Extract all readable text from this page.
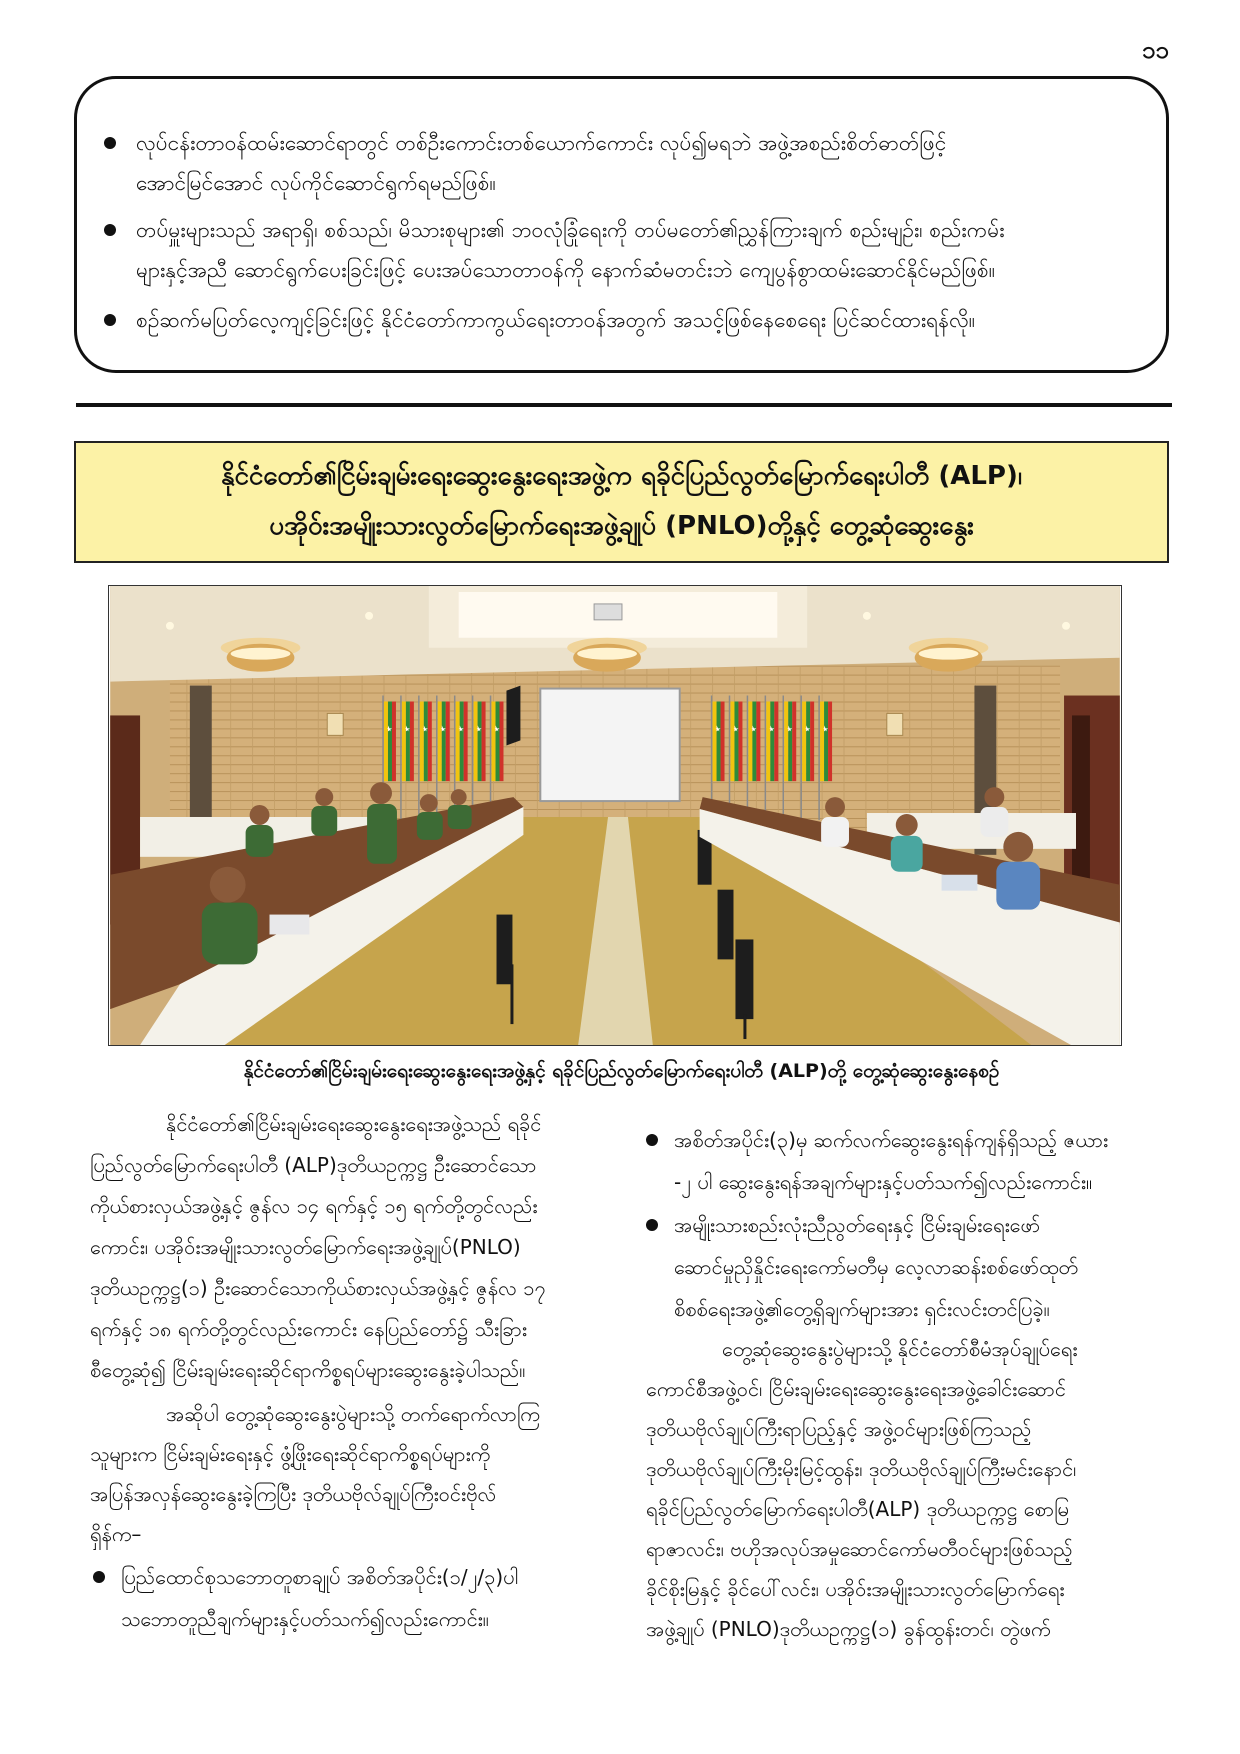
၁၁
လုပ်ငန်းတာဝန်ထမ်းဆောင်ရာတွင် တစ်ဦးကောင်းတစ်ယောက်ကောင်း လုပ်၍မရဘဲ အဖွဲ့အစည်းစိတ်ဓာတ်ဖြင့်
အောင်မြင်အောင် လုပ်ကိုင်ဆောင်ရွက်ရမည်ဖြစ်။
တပ်မှူးများသည် အရာရှိ၊ စစ်သည်၊ မိသားစုများ၏ ဘဝလုံခြုံရေးကို တပ်မတော်၏ညွှန်ကြားချက် စည်းမျဉ်း၊ စည်းကမ်း
များနှင့်အညီ ဆောင်ရွက်ပေးခြင်းဖြင့် ပေးအပ်သောတာဝန်ကို နောက်ဆံမတင်းဘဲ ကျေပွန်စွာထမ်းဆောင်နိုင်မည်ဖြစ်။
စဉ်ဆက်မပြတ်လေ့ကျင့်ခြင်းဖြင့် နိုင်ငံတော်ကာကွယ်ရေးတာဝန်အတွက် အသင့်ဖြစ်နေစေရေး ပြင်ဆင်ထားရန်လို။
နိုင်ငံတော်၏ငြိမ်းချမ်းရေးဆွေးနွေးရေးအဖွဲ့က ရခိုင်ပြည်လွတ်မြောက်ရေးပါတီ (ALP)၊
ပအိုဝ်းအမျိုးသားလွတ်မြောက်ရေးအဖွဲ့ချုပ် (PNLO)တို့နှင့် တွေ့ဆုံဆွေးနွေး
နိုင်ငံတော်၏ငြိမ်းချမ်းရေးဆွေးနွေးရေးအဖွဲ့နှင့် ရခိုင်ပြည်လွတ်မြောက်ရေးပါတီ (ALP)တို့ တွေ့ဆုံဆွေးနွေးနေစဉ်
နိုင်ငံတော်၏ငြိမ်းချမ်းရေးဆွေးနွေးရေးအဖွဲ့သည် ရခိုင်
ပြည်လွတ်မြောက်ရေးပါတီ (ALP)ဒုတိယဥက္ကဋ္ဌ ဦးဆောင်သော
ကိုယ်စားလှယ်အဖွဲ့နှင့် ဇွန်လ ၁၄ ရက်နှင့် ၁၅ ရက်တို့တွင်လည်း
ကောင်း၊ ပအိုဝ်းအမျိုးသားလွတ်မြောက်ရေးအဖွဲ့ချုပ်(PNLO)
ဒုတိယဥက္ကဋ္ဌ(၁) ဦးဆောင်သောကိုယ်စားလှယ်အဖွဲ့နှင့် ဇွန်လ ၁၇
ရက်နှင့် ၁၈ ရက်တို့တွင်လည်းကောင်း နေပြည်တော်၌ သီးခြား
စီတွေ့ဆုံ၍ ငြိမ်းချမ်းရေးဆိုင်ရာကိစ္စရပ်များဆွေးနွေးခဲ့ပါသည်။
အဆိုပါ တွေ့ဆုံဆွေးနွေးပွဲများသို့ တက်ရောက်လာကြ
သူများက ငြိမ်းချမ်းရေးနှင့် ဖွံ့ဖြိုးရေးဆိုင်ရာကိစ္စရပ်များကို
အပြန်အလှန်ဆွေးနွေးခဲ့ကြပြီး ဒုတိယဗိုလ်ချုပ်ကြီးဝင်းဗိုလ်
ရှိန်က–
ပြည်ထောင်စုသဘောတူစာချုပ် အစိတ်အပိုင်း(၁/၂/၃)ပါ
သဘောတူညီချက်များနှင့်ပတ်သက်၍လည်းကောင်း။
အစိတ်အပိုင်း(၃)မှ ဆက်လက်ဆွေးနွေးရန်ကျန်ရှိသည့် ဇယား
-၂ ပါ ဆွေးနွေးရန်အချက်များနှင့်ပတ်သက်၍လည်းကောင်း။
အမျိုးသားစည်းလုံးညီညွတ်ရေးနှင့် ငြိမ်းချမ်းရေးဖော်
ဆောင်မှုညှိနှိုင်းရေးကော်မတီမှ လေ့လာဆန်းစစ်ဖော်ထုတ်
စိစစ်ရေးအဖွဲ့၏တွေ့ရှိချက်များအား ရှင်းလင်းတင်ပြခဲ့။
တွေ့ဆုံဆွေးနွေးပွဲများသို့ နိုင်ငံတော်စီမံအုပ်ချုပ်ရေး
ကောင်စီအဖွဲ့ဝင်၊ ငြိမ်းချမ်းရေးဆွေးနွေးရေးအဖွဲ့ခေါင်းဆောင်
ဒုတိယဗိုလ်ချုပ်ကြီးရာပြည့်နှင့် အဖွဲ့ဝင်များဖြစ်ကြသည့်
ဒုတိယဗိုလ်ချုပ်ကြီးမိုးမြင့်ထွန်း၊ ဒုတိယဗိုလ်ချုပ်ကြီးမင်းနောင်၊
ရခိုင်ပြည်လွတ်မြောက်ရေးပါတီ(ALP) ဒုတိယဥက္ကဋ္ဌ စောမြ
ရာဇာလင်း၊ ဗဟိုအလုပ်အမှုဆောင်ကော်မတီဝင်များဖြစ်သည့်
ခိုင်စိုးမြနှင့် ခိုင်ပေါ်လင်း၊ ပအိုဝ်းအမျိုးသားလွတ်မြောက်ရေး
အဖွဲ့ချုပ် (PNLO)ဒုတိယဥက္ကဋ္ဌ(၁) ခွန်ထွန်းတင်၊ တွဲဖက်
